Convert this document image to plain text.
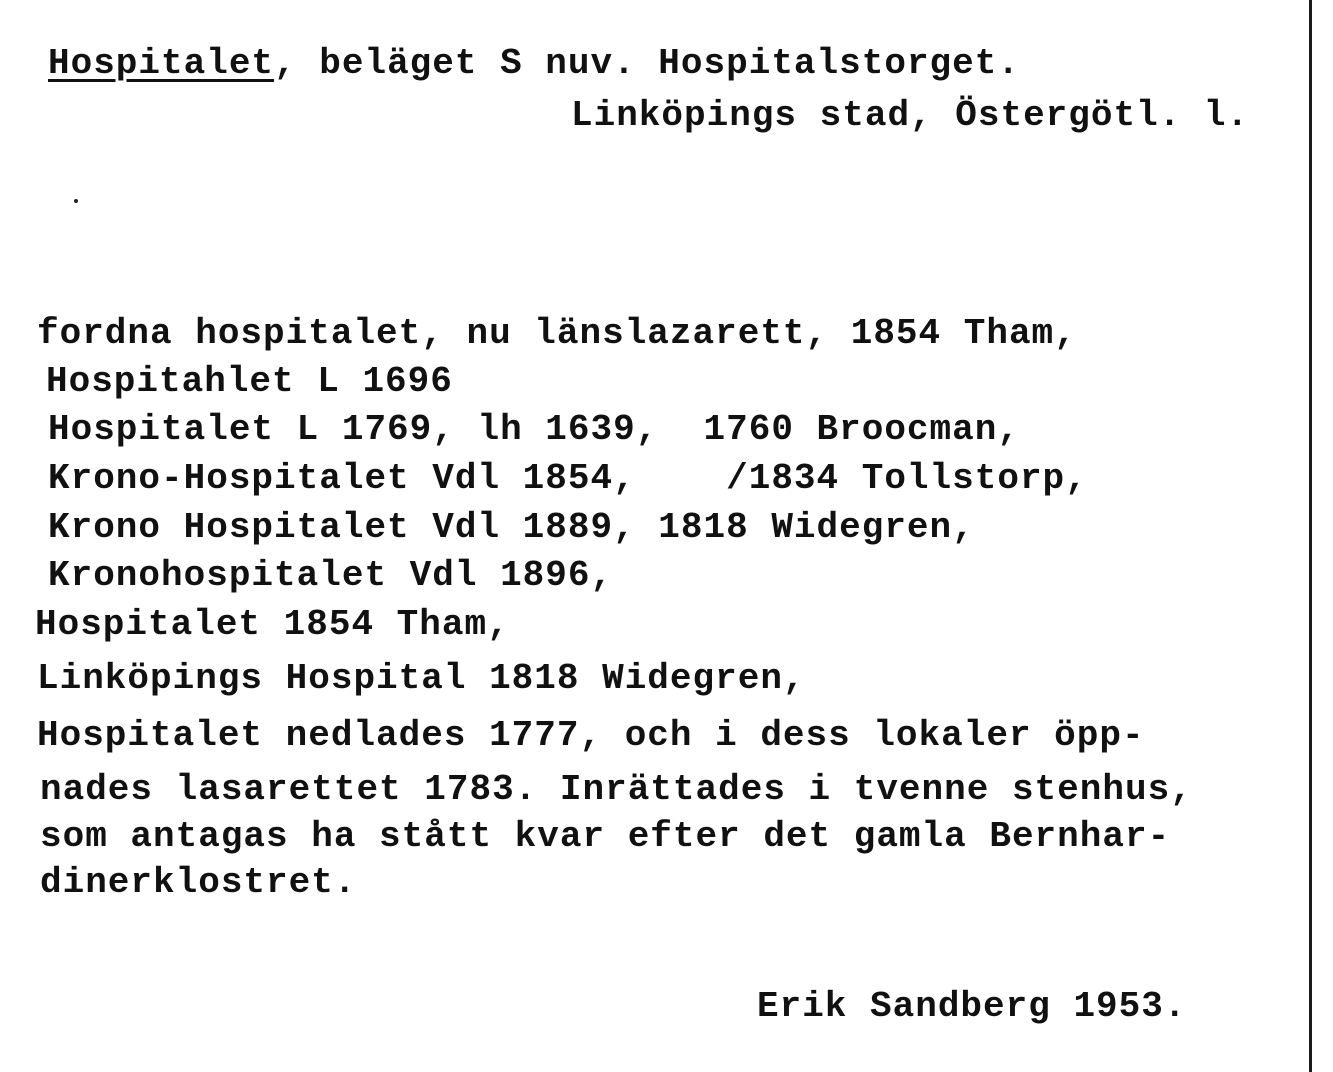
Hospitalet, beläget S nuv. Hospitalstorget.
Linköpings stad, Östergötl. l.
fordna hospitalet, nu länslazarett, 1854 Tham,
Hospitahlet L 1696
Hospitalet L 1769, lh 1639,  1760 Broocman,
Krono-Hospitalet Vdl 1854,    /1834 Tollstorp,
Krono Hospitalet Vdl 1889, 1818 Widegren,
Kronohospitalet Vdl 1896,
Hospitalet 1854 Tham,
Linköpings Hospital 1818 Widegren,
Hospitalet nedlades 1777, och i dess lokaler öpp-
nades lasarettet 1783. Inrättades i tvenne stenhus,
som antagas ha stått kvar efter det gamla Bernhar-
dinerklostret.
Erik Sandberg 1953.
